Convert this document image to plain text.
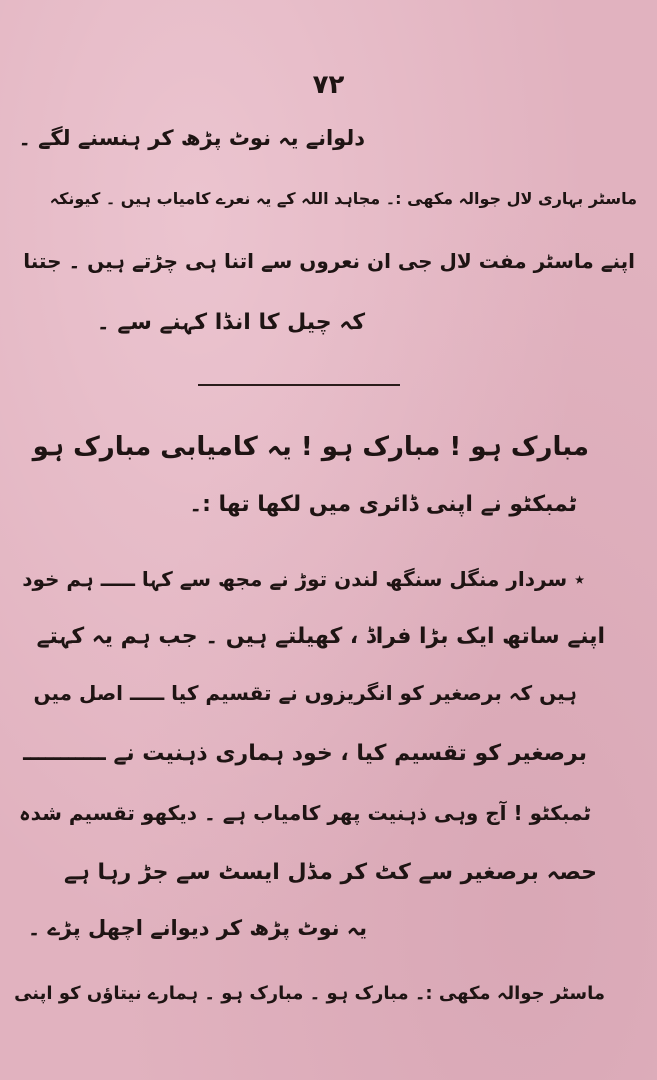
۷۲
دلوانے یہ نوٹ پڑھ کر ہنسنے لگے ۔
ماسٹر بہاری لال جوالہ مکھی :۔ مجاہد اللہ کے یہ نعرے کامیاب ہیں ۔ کیونکہ
اپنے ماسٹر مفت لال جی ان نعروں سے اتنا ہی چڑتے ہیں ۔ جتنا
کہ چیل کا انڈا کہنے سے ۔
مبارک ہو ! مبارک ہو ! یہ کامیابی مبارک ہو
ٹمبکٹو نے اپنی ڈائری میں لکھا تھا :۔
٭ سردار منگل سنگھ لندن توڑ نے مجھ سے کہا ـــــ ہم خود
اپنے ساتھ ایک بڑا فراڈ ، کھیلتے ہیں ۔ جب ہم یہ کہتے
ہیں کہ برصغیر کو انگریزوں نے تقسیم کیا ـــــ اصل میں
برصغیر کو تقسیم کیا ، خود ہماری ذہنیت نے ـــــــــــ
ٹمبکٹو ! آج وہی ذہنیت پھر کامیاب ہے ۔ دیکھو تقسیم شدہ
حصہ برصغیر سے کٹ کر مڈل ایسٹ سے جڑ رہا ہے
یہ نوٹ پڑھ کر دیوانے اچھل پڑے ۔
ماسٹر جوالہ مکھی :۔ مبارک ہو ۔ مبارک ہو ۔ ہمارے نیتاؤں کو اپنی
